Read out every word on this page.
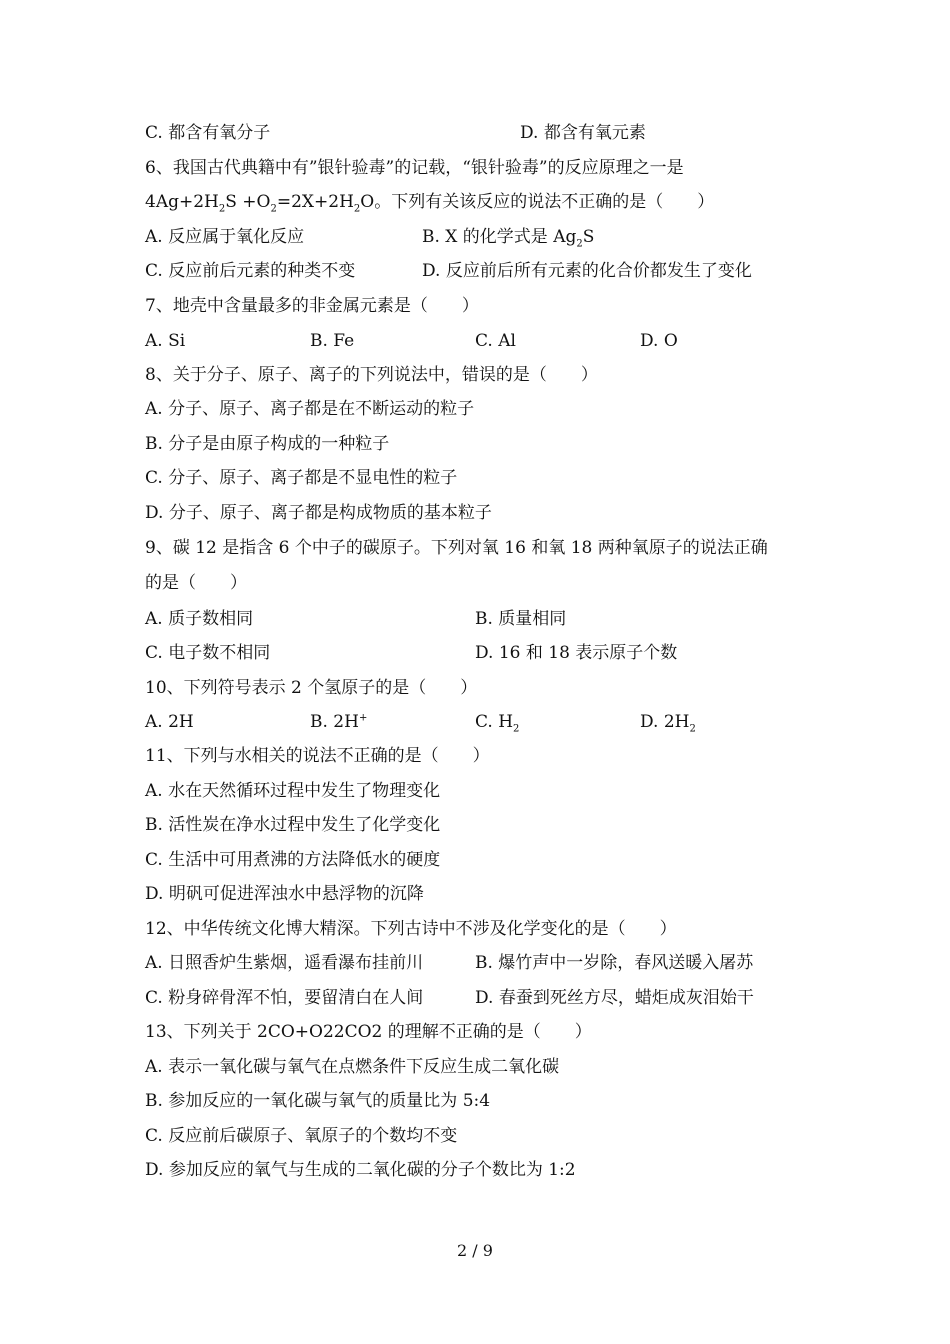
C. 都含有氧分子	D. 都含有氧元素
6、我国古代典籍中有”银针验毒”的记载，“银针验毒”的反应原理之一是
$4Ag+2H_2S +O_2=2X+2H_2O$。下列有关该反应的说法不正确的是（　　）
A. 反应属于氧化反应	B. X 的化学式是 $Ag_2S$
C. 反应前后元素的种类不变	D. 反应前后所有元素的化合价都发生了变化
7、地壳中含量最多的非金属元素是（　　）
A. Si	B. Fe	C. Al	D. O
8、关于分子、原子、离子的下列说法中，错误的是（　　）
A. 分子、原子、离子都是在不断运动的粒子
B. 分子是由原子构成的一种粒子
C. 分子、原子、离子都是不显电性的粒子
D. 分子、原子、离子都是构成物质的基本粒子
9、碳 12 是指含 6 个中子的碳原子。下列对氧 16 和氧 18 两种氧原子的说法正确
的是（　　）
A. 质子数相同	B. 质量相同
C. 电子数不相同	D. 16 和 18 表示原子个数
10、下列符号表示 2 个氢原子的是（　　）
A. 2H	B. 2H+	C. $H_2$	D. $2H_2$
11、下列与水相关的说法不正确的是（　　）
A. 水在天然循环过程中发生了物理变化
B. 活性炭在净水过程中发生了化学变化
C. 生活中可用煮沸的方法降低水的硬度
D. 明矾可促进浑浊水中悬浮物的沉降
12、中华传统文化博大精深。下列古诗中不涉及化学变化的是（　　）
A. 日照香炉生紫烟，遥看瀑布挂前川	B. 爆竹声中一岁除，春风送暖入屠苏
C. 粉身碎骨浑不怕，要留清白在人间	D. 春蚕到死丝方尽，蜡炬成灰泪始干
13、下列关于 2CO+O22CO2 的理解不正确的是（　　）
A. 表示一氧化碳与氧气在点燃条件下反应生成二氧化碳
B. 参加反应的一氧化碳与氧气的质量比为 5:4
C. 反应前后碳原子、氧原子的个数均不变
D. 参加反应的氧气与生成的二氧化碳的分子个数比为 1:2
2 / 9
